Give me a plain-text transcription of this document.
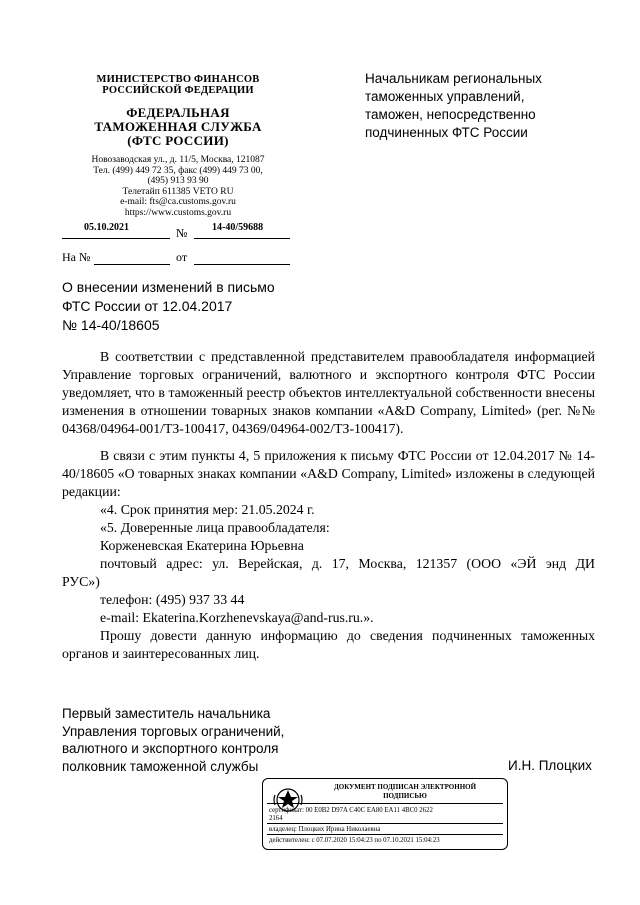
МИНИСТЕРСТВО ФИНАНСОВ
РОССИЙСКОЙ ФЕДЕРАЦИИ
ФЕДЕРАЛЬНАЯ
ТАМОЖЕННАЯ СЛУЖБА
(ФТС РОССИИ)
Новозаводская ул., д. 11/5, Москва, 121087
Тел. (499) 449 72 35, факс (499) 449 73 00,
(495) 913 93 90
Телетайп 611385 VETO RU
e-mail: fts@ca.customs.gov.ru
https://www.customs.gov.ru
05.10.2021	№ 14-40/59688
На №	от
Начальникам региональных
таможенных управлений,
таможен, непосредственно
подчиненных ФТС России
О внесении изменений в письмо
ФТС России от 12.04.2017
№ 14-40/18605

В соответствии с представленной представителем правообладателя информацией Управление торговых ограничений, валютного и экспортного контроля ФТС России уведомляет, что в таможенный реестр объектов интеллектуальной собственности внесены изменения в отношении товарных знаков компании «A&D Company, Limited» (рег. №№ 04368/04964-001/ТЗ-100417, 04369/04964-002/ТЗ-100417).

В связи с этим пункты 4, 5 приложения к письму ФТС России от 12.04.2017 № 14-40/18605 «О товарных знаках компании «A&D Company, Limited» изложены в следующей редакции:

«4. Срок принятия мер: 21.05.2024 г.

«5. Доверенные лица правообладателя:

Корженевская Екатерина Юрьевна

почтовый адрес: ул. Верейская, д. 17, Москва, 121357 (ООО «ЭЙ энд ДИ

РУС»)

телефон: (495) 937 33 44

e-mail: Ekaterina.Korzhenevskaya@and-rus.ru.».

Прошу довести данную информацию до сведения подчиненных таможенных органов и заинтересованных лиц.

Первый заместитель начальника
Управления торговых ограничений,
валютного и экспортного контроля
полковник таможенной службы	И.Н. Плоцких
ДОКУМЕНТ ПОДПИСАН ЭЛЕКТРОННОЙ
ПОДПИСЬЮ
сертификат: 00 E0B2 D97A C40C EA80 EA11 4BC0 2622
2164
владелец: Плоцких Ирина Николаевна
действителен: с 07.07.2020 15:04:23 по 07.10.2021 15:04:23
